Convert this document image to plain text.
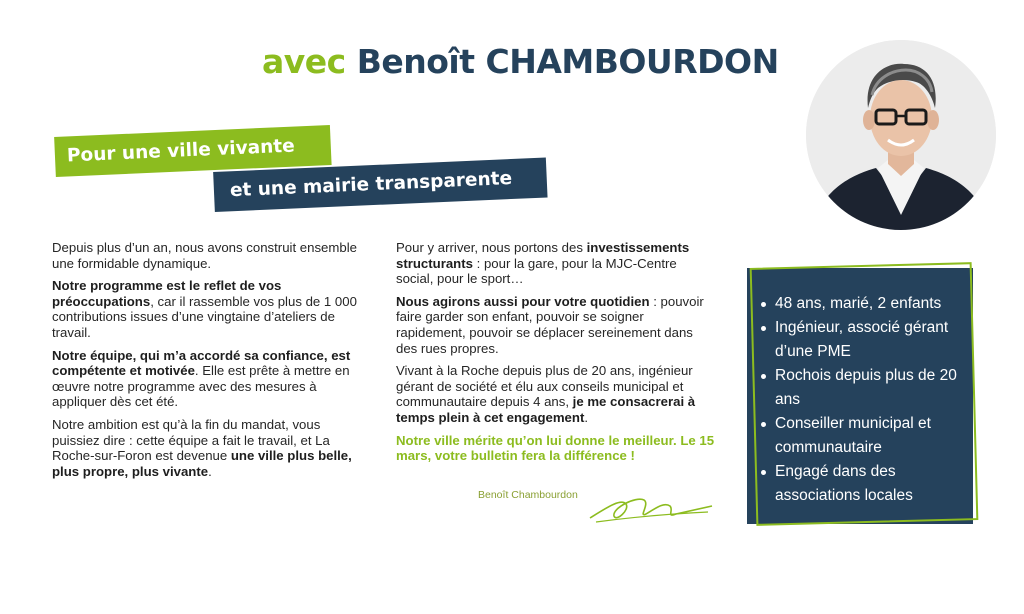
avec Benoît CHAMBOURDON
Pour une ville vivante
et une mairie transparente

Depuis plus d’un an, nous avons construit ensemble une formidable dynamique.

Notre programme est le reflet de vos préoccupations, car il rassemble vos plus de 1 000 contributions issues d’une vingtaine d’ateliers de travail.

Notre équipe, qui m’a accordé sa confiance, est compétente et motivée. Elle est prête à mettre en œuvre notre programme avec des mesures à appliquer dès cet été.

Notre ambition est qu’à la fin du mandat, vous puissiez dire : cette équipe a fait le travail, et La Roche-sur-Foron est devenue une ville plus belle, plus propre, plus vivante.

Pour y arriver, nous portons des investissements structurants : pour la gare, pour la MJC-Centre social, pour le sport…

Nous agirons aussi pour votre quotidien : pouvoir faire garder son enfant, pouvoir se soigner rapidement, pouvoir se déplacer sereinement dans des rues propres.

Vivant à la Roche depuis plus de 20 ans, ingénieur gérant de société et élu aux conseils municipal et communautaire depuis 4 ans, je me consacrerai à temps plein à cet engagement.

Notre ville mérite qu’on lui donne le meilleur. Le 15 mars, votre bulletin fera la différence !

Benoît Chambourdon
48 ans, marié, 2 enfants
Ingénieur, associé gérant d’une PME
Rochois depuis plus de 20 ans
Conseiller municipal et communautaire
Engagé dans des associations locales
